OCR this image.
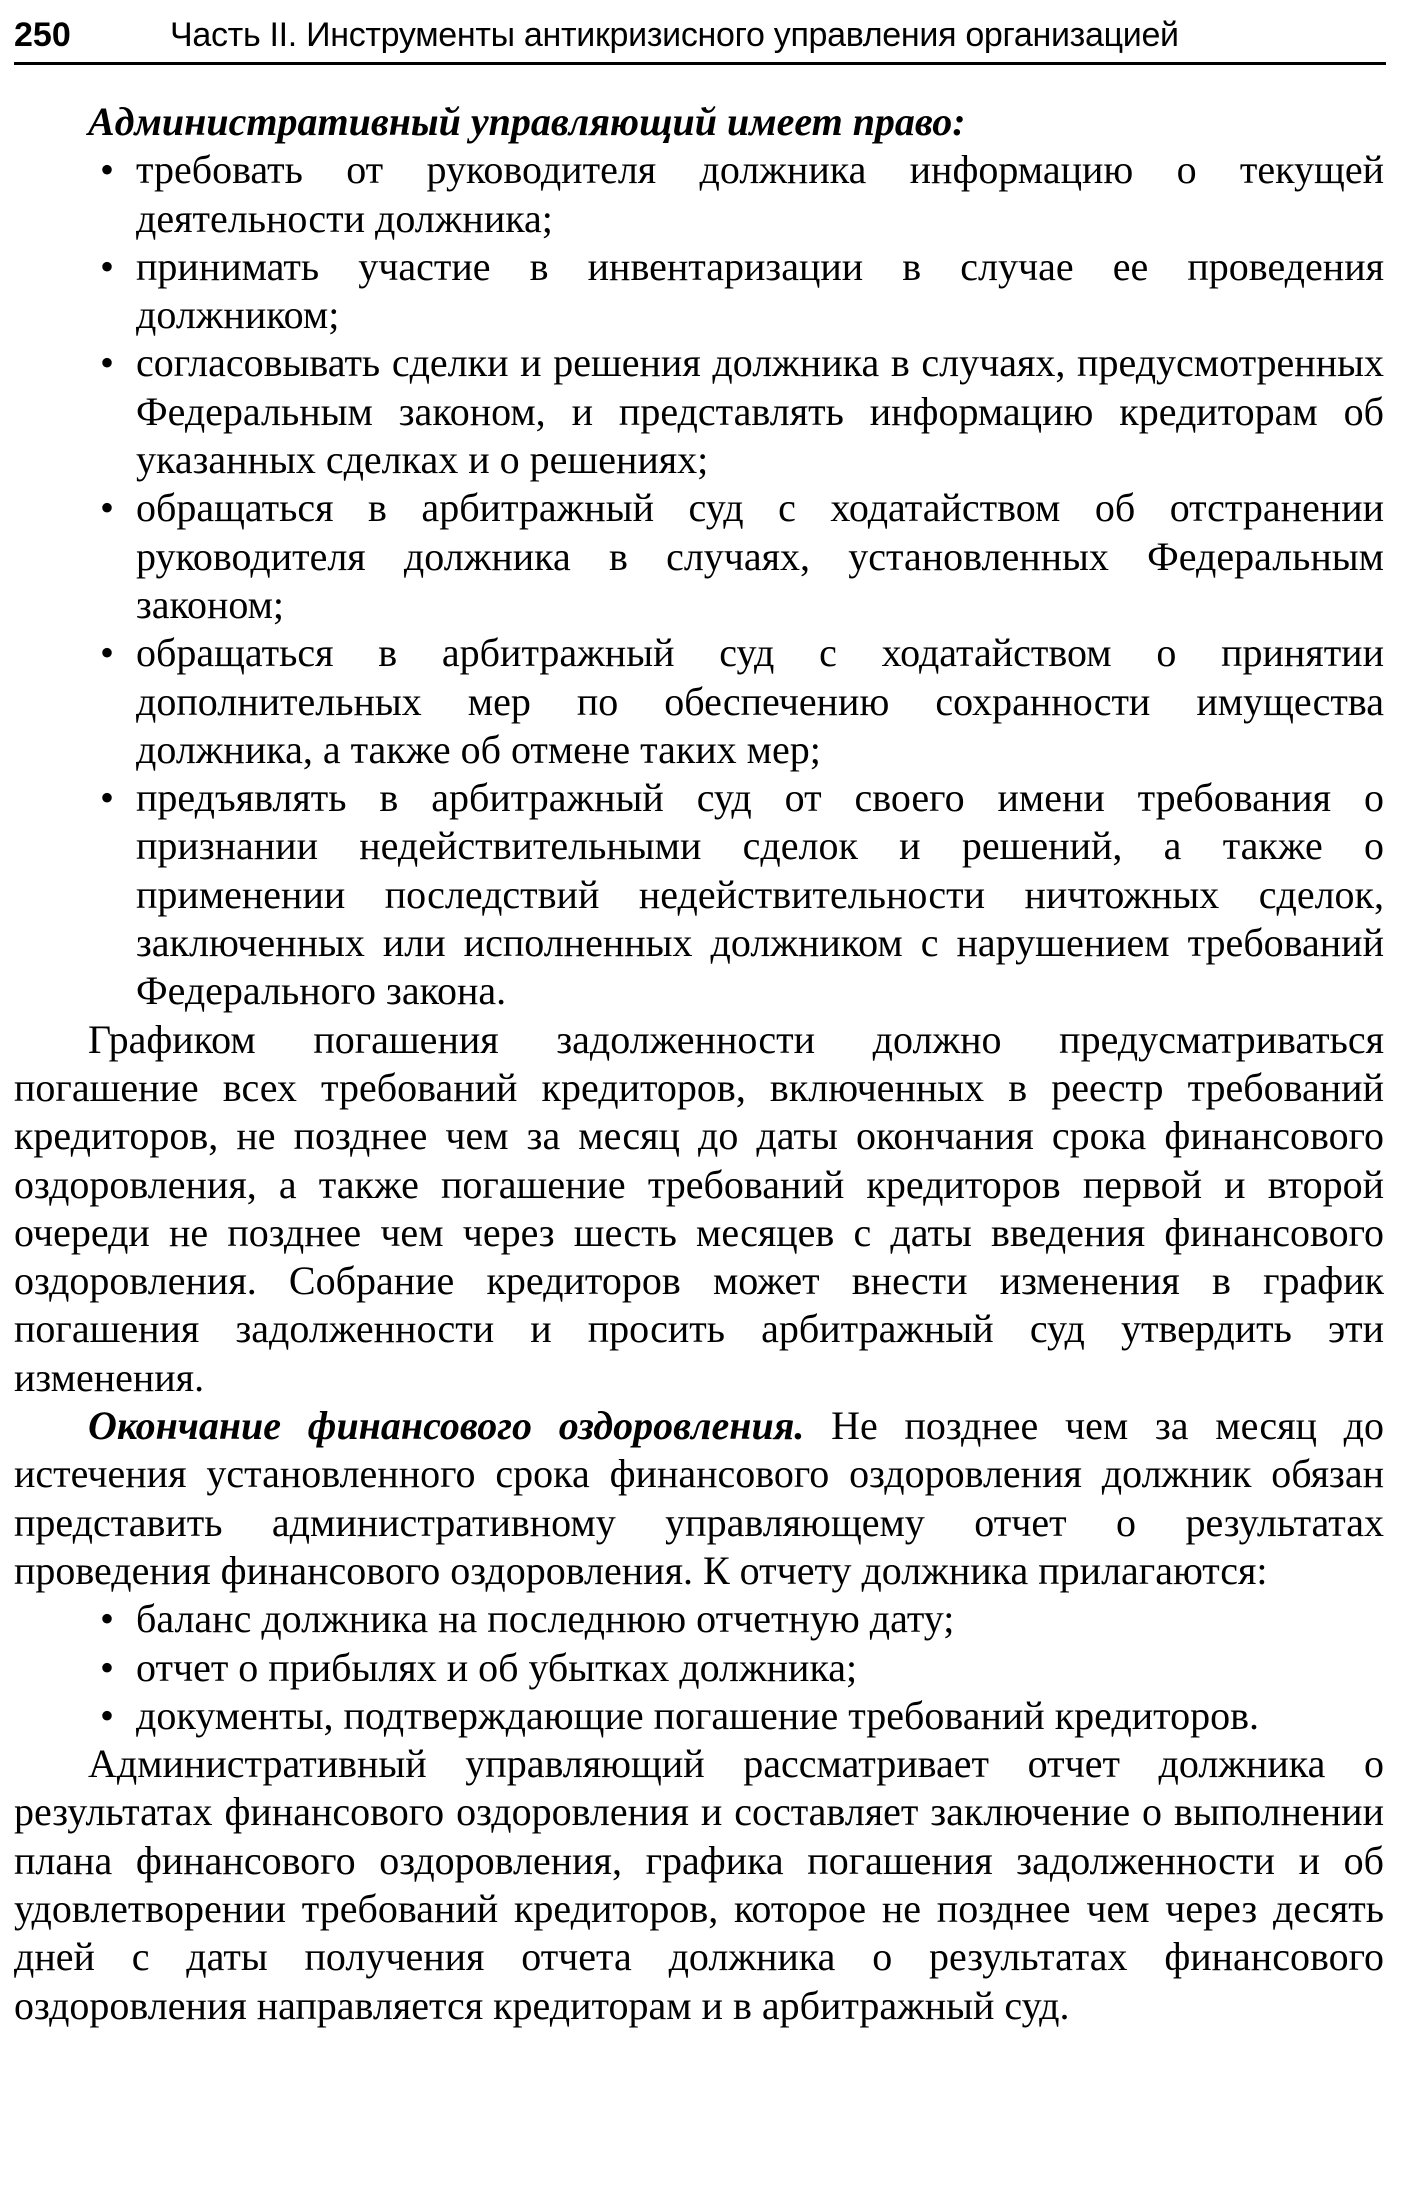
250	Часть II. Инструменты антикризисного управления организацией
Административный управляющий имеет право:
• требовать от руководителя должника информацию о текущей деятельности должника;
• принимать участие в инвентаризации в случае ее проведения должником;
• согласовывать сделки и решения должника в случаях, предусмотренных Федеральным законом, и представлять информацию кредиторам об указанных сделках и о решениях;
• обращаться в арбитражный суд с ходатайством об отстранении руководителя должника в случаях, установленных Федеральным законом;
• обращаться в арбитражный суд с ходатайством о принятии дополнительных мер по обеспечению сохранности имущества должника, а также об отмене таких мер;
• предъявлять в арбитражный суд от своего имени требования о признании недействительными сделок и решений, а также о применении последствий недействительности ничтожных сделок, заключенных или исполненных должником с нарушением требований Федерального закона.

Графиком погашения задолженности должно предусматриваться погашение всех требований кредиторов, включенных в реестр требований кредиторов, не позднее чем за месяц до даты окончания срока финансового оздоровления, а также погашение требований кредиторов первой и второй очереди не позднее чем через шесть месяцев с даты введения финансового оздоровления. Собрание кредиторов может внести изменения в график погашения задолженности и просить арбитражный суд утвердить эти изменения.

Окончание финансового оздоровления. Не позднее чем за месяц до истечения установленного срока финансового оздоровления должник обязан представить административному управляющему отчет о результатах проведения финансового оздоровления. К отчету должника прилагаются:

• баланс должника на последнюю отчетную дату;
• отчет о прибылях и об убытках должника;
• документы, подтверждающие погашение требований кредиторов.

Административный управляющий рассматривает отчет должника о результатах финансового оздоровления и составляет заключение о выполнении плана финансового оздоровления, графика погашения задолженности и об удовлетворении требований кредиторов, которое не позднее чем через десять дней с даты получения отчета должника о результатах финансового оздоровления направляется кредиторам и в арбитражный суд.
